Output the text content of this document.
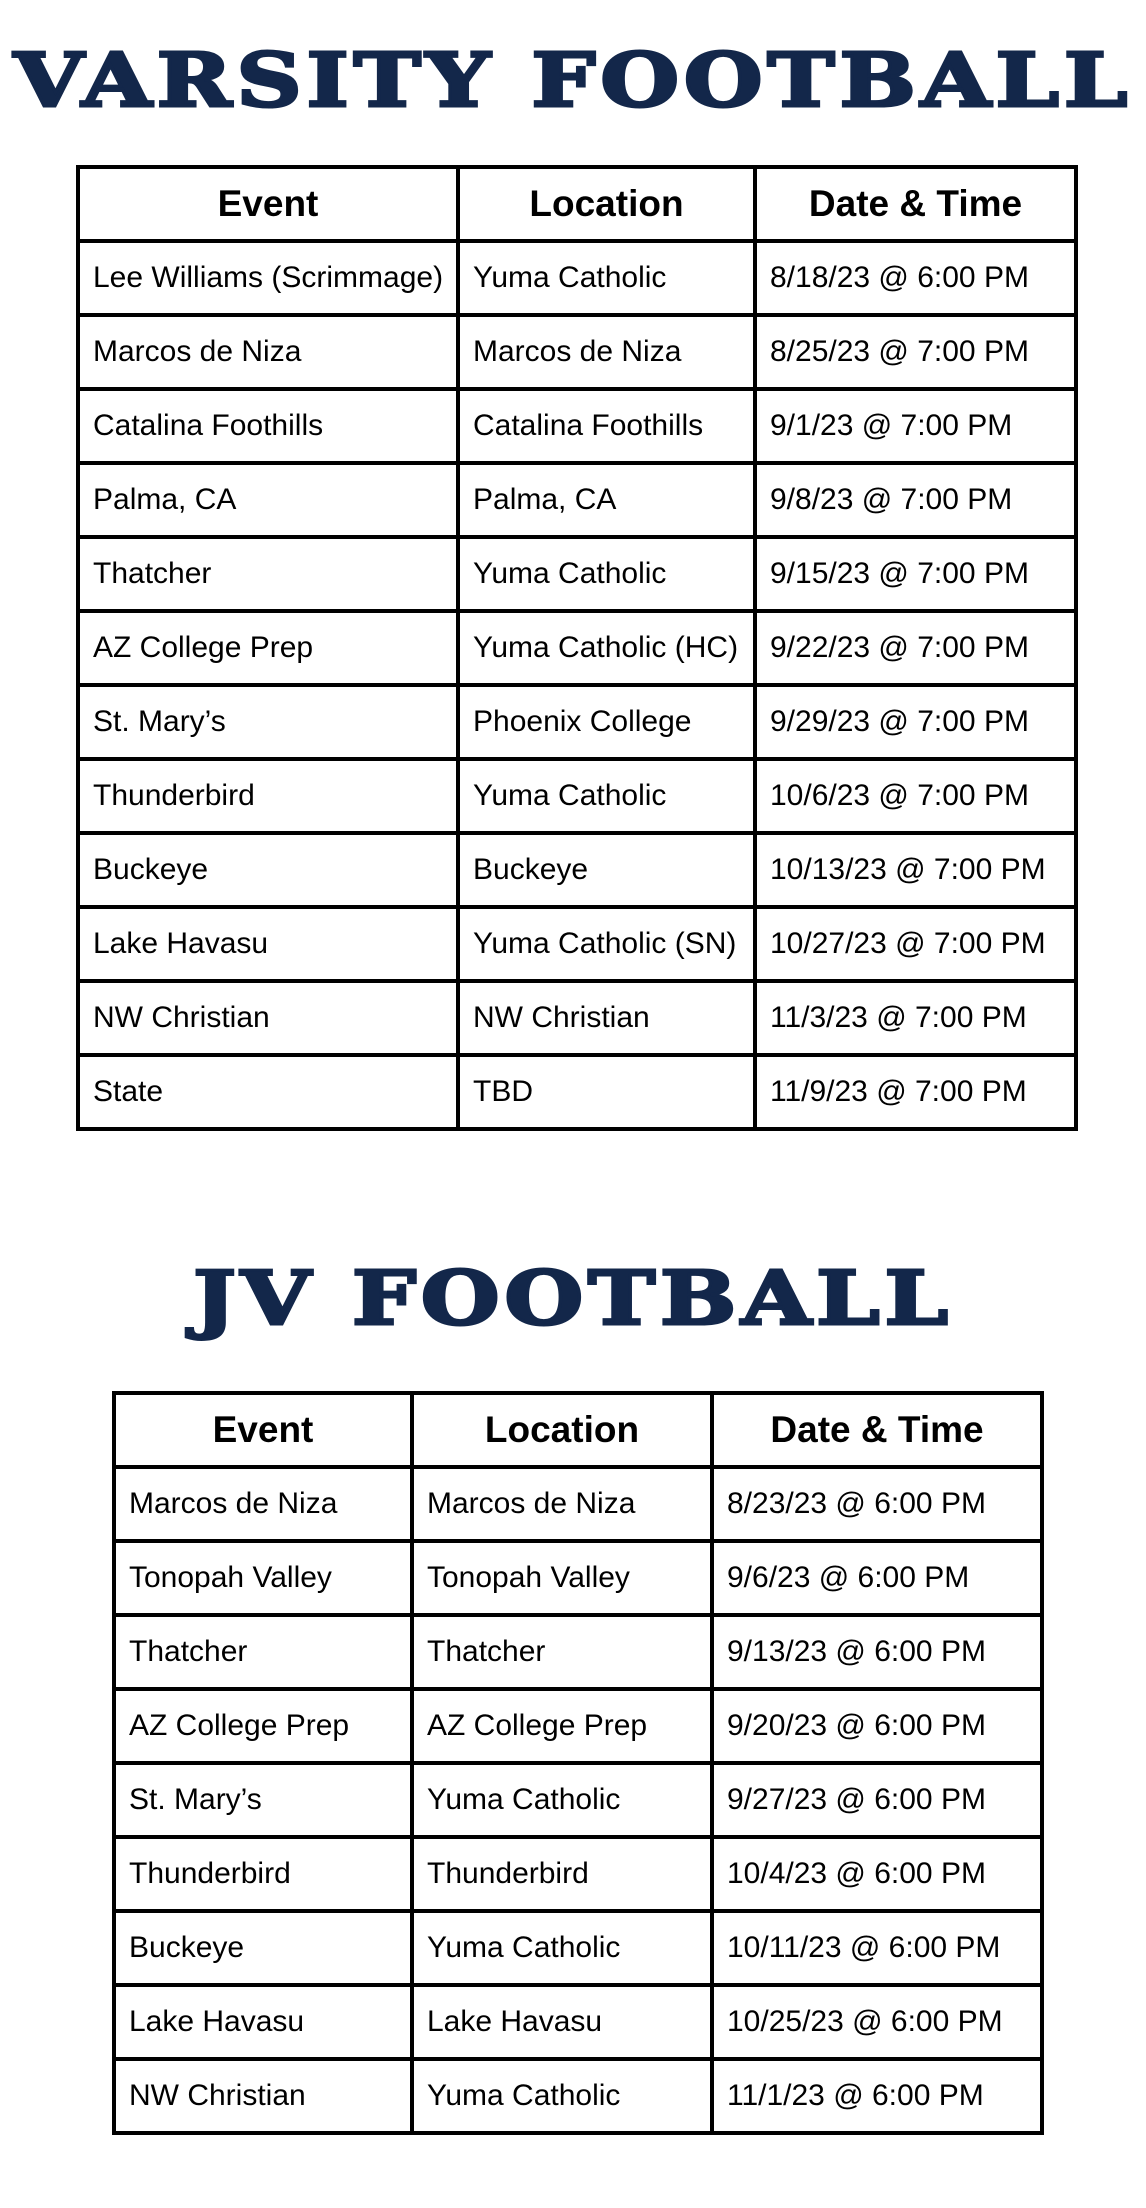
VARSITY FOOTBALL
Event	Location	Date & Time
Lee Williams (Scrimmage)	Yuma Catholic	8/18/23 @ 6:00 PM
Marcos de Niza	Marcos de Niza	8/25/23 @ 7:00 PM
Catalina Foothills	Catalina Foothills	9/1/23 @ 7:00 PM
Palma, CA	Palma, CA	9/8/23 @ 7:00 PM
Thatcher	Yuma Catholic	9/15/23 @ 7:00 PM
AZ College Prep	Yuma Catholic (HC)	9/22/23 @ 7:00 PM
St. Mary’s	Phoenix College	9/29/23 @ 7:00 PM
Thunderbird	Yuma Catholic	10/6/23 @ 7:00 PM
Buckeye	Buckeye	10/13/23 @ 7:00 PM
Lake Havasu	Yuma Catholic (SN)	10/27/23 @ 7:00 PM
NW Christian	NW Christian	11/3/23 @ 7:00 PM
State	TBD	11/9/23 @ 7:00 PM
JV FOOTBALL
Event	Location	Date & Time
Marcos de Niza	Marcos de Niza	8/23/23 @ 6:00 PM
Tonopah Valley	Tonopah Valley	9/6/23 @ 6:00 PM
Thatcher	Thatcher	9/13/23 @ 6:00 PM
AZ College Prep	AZ College Prep	9/20/23 @ 6:00 PM
St. Mary’s	Yuma Catholic	9/27/23 @ 6:00 PM
Thunderbird	Thunderbird	10/4/23 @ 6:00 PM
Buckeye	Yuma Catholic	10/11/23 @ 6:00 PM
Lake Havasu	Lake Havasu	10/25/23 @ 6:00 PM
NW Christian	Yuma Catholic	11/1/23 @ 6:00 PM
